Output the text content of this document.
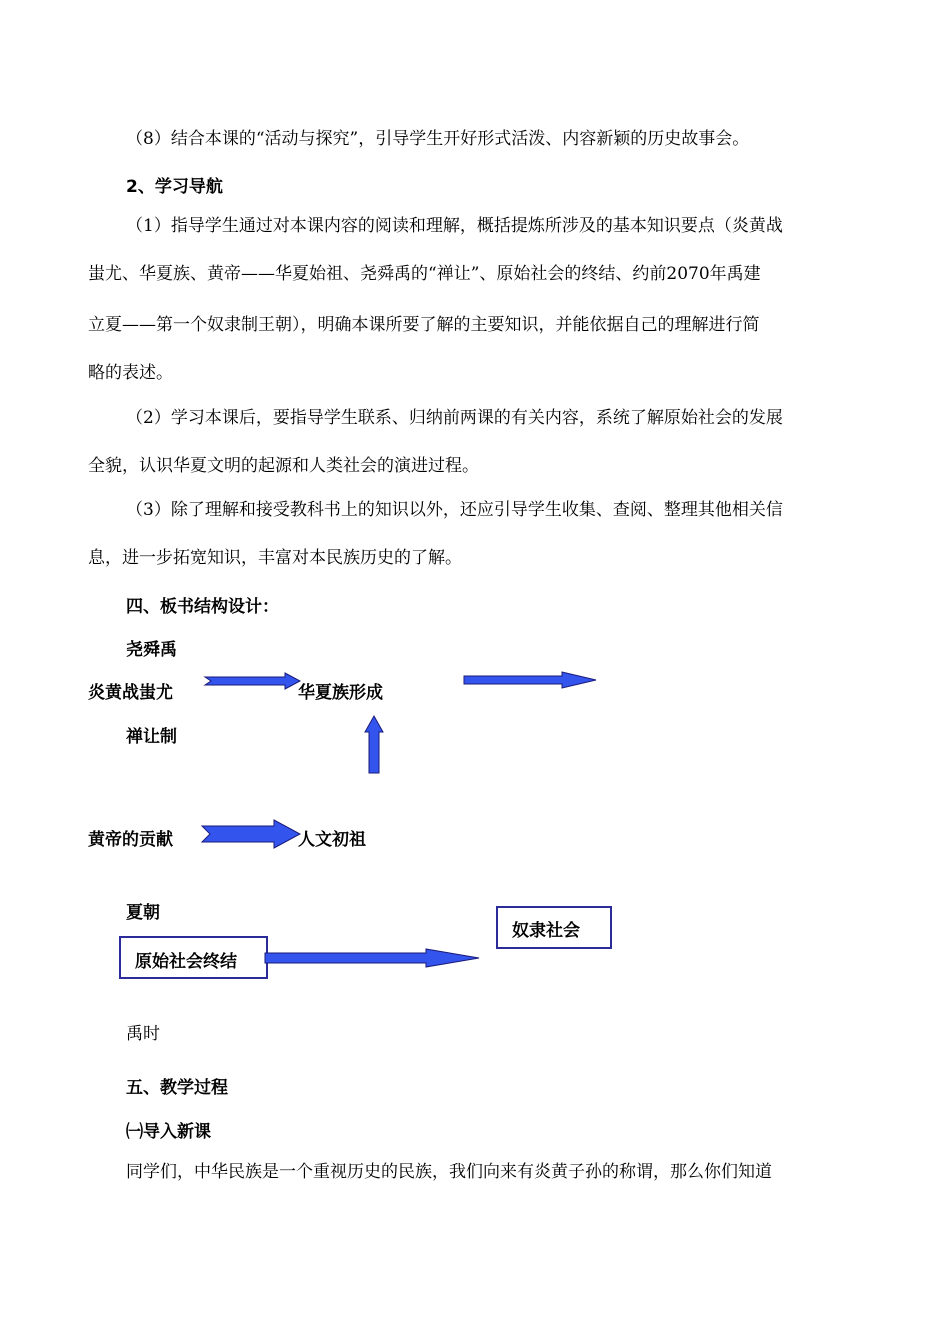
（8）结合本课的“活动与探究”，引导学生开好形式活泼、内容新颖的历史故事会。
2、学习导航
（1）指导学生通过对本课内容的阅读和理解，概括提炼所涉及的基本知识要点（炎黄战
蚩尤、华夏族、黄帝——华夏始祖、尧舜禹的“禅让”、原始社会的终结、约前2070年禹建
立夏——第一个奴隶制王朝），明确本课所要了解的主要知识，并能依据自己的理解进行简
略的表述。
（2）学习本课后，要指导学生联系、归纳前两课的有关内容，系统了解原始社会的发展
全貌，认识华夏文明的起源和人类社会的演进过程。
（3）除了理解和接受教科书上的知识以外，还应引导学生收集、查阅、整理其他相关信
息，进一步拓宽知识，丰富对本民族历史的了解。
四、板书结构设计：
尧舜禹
炎黄战蚩尤	华夏族形成
禅让制
黄帝的贡献	人文初祖
夏朝
原始社会终结
奴隶社会
禹时
五、教学过程
㈠导入新课
同学们，中华民族是一个重视历史的民族，我们向来有炎黄子孙的称谓，那么你们知道
